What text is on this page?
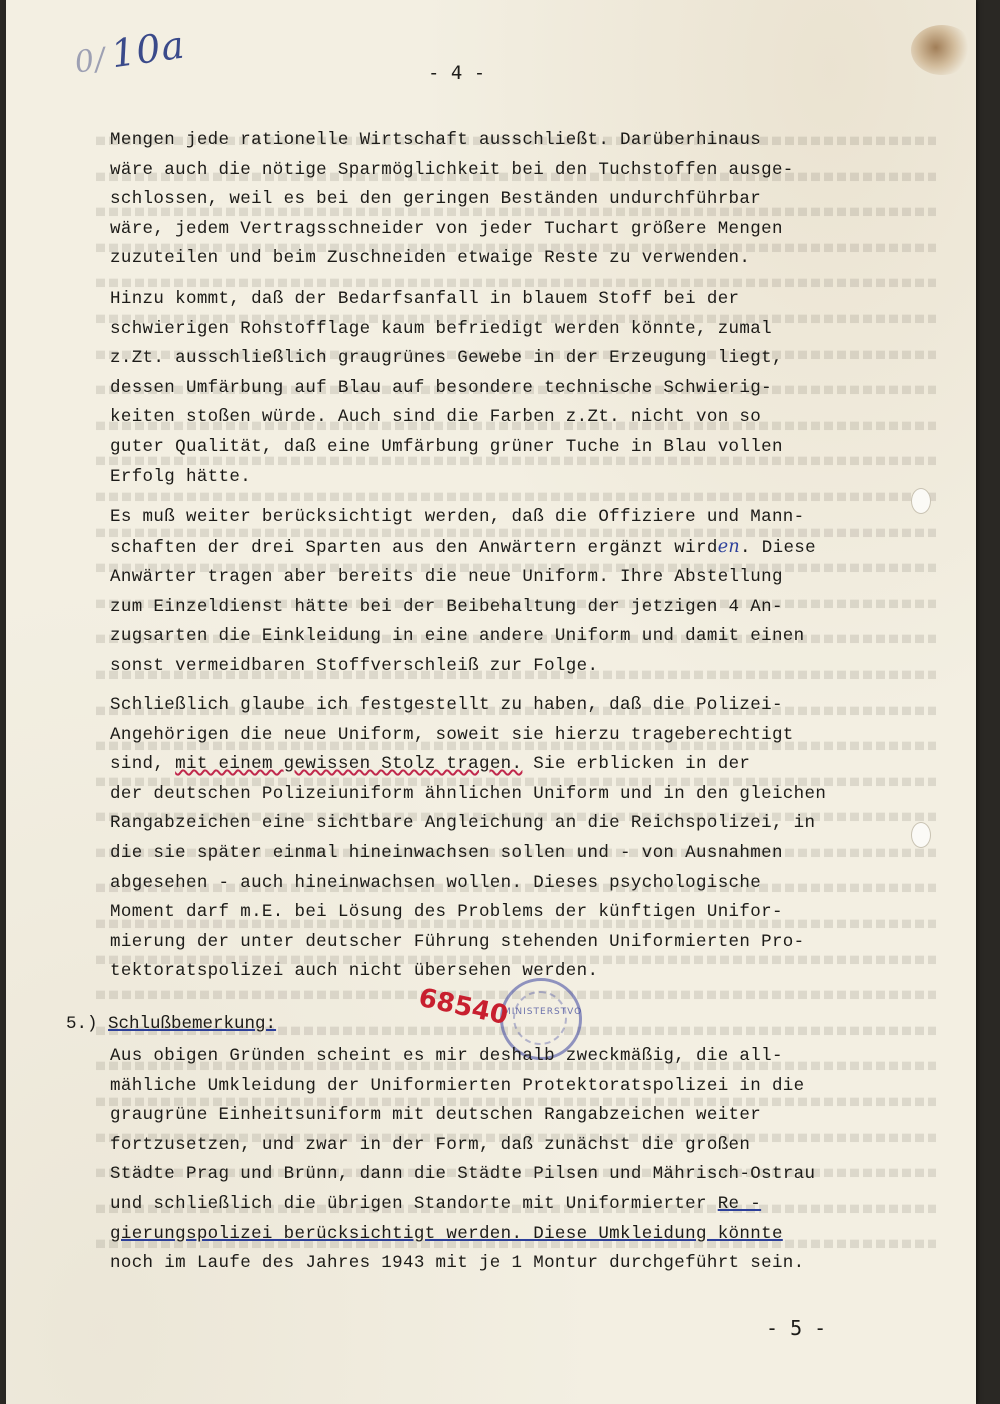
0/10a	- 4 -
Mengen jede rationelle Wirtschaft ausschließt. Darüberhinaus
wäre auch die nötige Sparmöglichkeit bei den Tuchstoffen ausge-
schlossen, weil es bei den geringen Beständen undurchführbar
wäre, jedem Vertragsschneider von jeder Tuchart größere Mengen
zuzuteilen und beim Zuschneiden etwaige Reste zu verwenden.
Hinzu kommt, daß der Bedarfsanfall in blauem Stoff bei der
schwierigen Rohstofflage kaum befriedigt werden könnte, zumal
z.Zt. ausschließlich graugrünes Gewebe in der Erzeugung liegt,
dessen Umfärbung auf Blau auf besondere technische Schwierig-
keiten stoßen würde. Auch sind die Farben z.Zt. nicht von so
guter Qualität, daß eine Umfärbung grüner Tuche in Blau vollen
Erfolg hätte.
Es muß weiter berücksichtigt werden, daß die Offiziere und Mann-
schaften der drei Sparten aus den Anwärtern ergänzt wirden. Diese
Anwärter tragen aber bereits die neue Uniform. Ihre Abstellung
zum Einzeldienst hätte bei der Beibehaltung der jetzigen 4 An-
zugsarten die Einkleidung in eine andere Uniform und damit einen
sonst vermeidbaren Stoffverschleiß zur Folge.
Schließlich glaube ich festgestellt zu haben, daß die Polizei-
Angehörigen die neue Uniform, soweit sie hierzu trageberechtigt
sind, mit einem gewissen Stolz tragen. Sie erblicken in der
der deutschen Polizeiuniform ähnlichen Uniform und in den gleichen
Rangabzeichen eine sichtbare Angleichung an die Reichspolizei, in
die sie später einmal hineinwachsen sollen und - von Ausnahmen
abgesehen - auch hineinwachsen wollen. Dieses psychologische
Moment darf m.E. bei Lösung des Problems der künftigen Unifor-
mierung der unter deutscher Führung stehenden Uniformierten Pro-
tektoratspolizei auch nicht übersehen werden.
MINISTERSTVO
68540
5.) Schlußbemerkung:
Aus obigen Gründen scheint es mir deshalb zweckmäßig, die all-
mähliche Umkleidung der Uniformierten Protektoratspolizei in die
graugrüne Einheitsuniform mit deutschen Rangabzeichen weiter
fortzusetzen, und zwar in der Form, daß zunächst die großen
Städte Prag und Brünn, dann die Städte Pilsen und Mährisch-Ostrau
und schließlich die übrigen Standorte mit Uniformierter Re -
gierungspolizei berücksichtigt werden. Diese Umkleidung könnte
noch im Laufe des Jahres 1943 mit je 1 Montur durchgeführt sein.
- 5 -
